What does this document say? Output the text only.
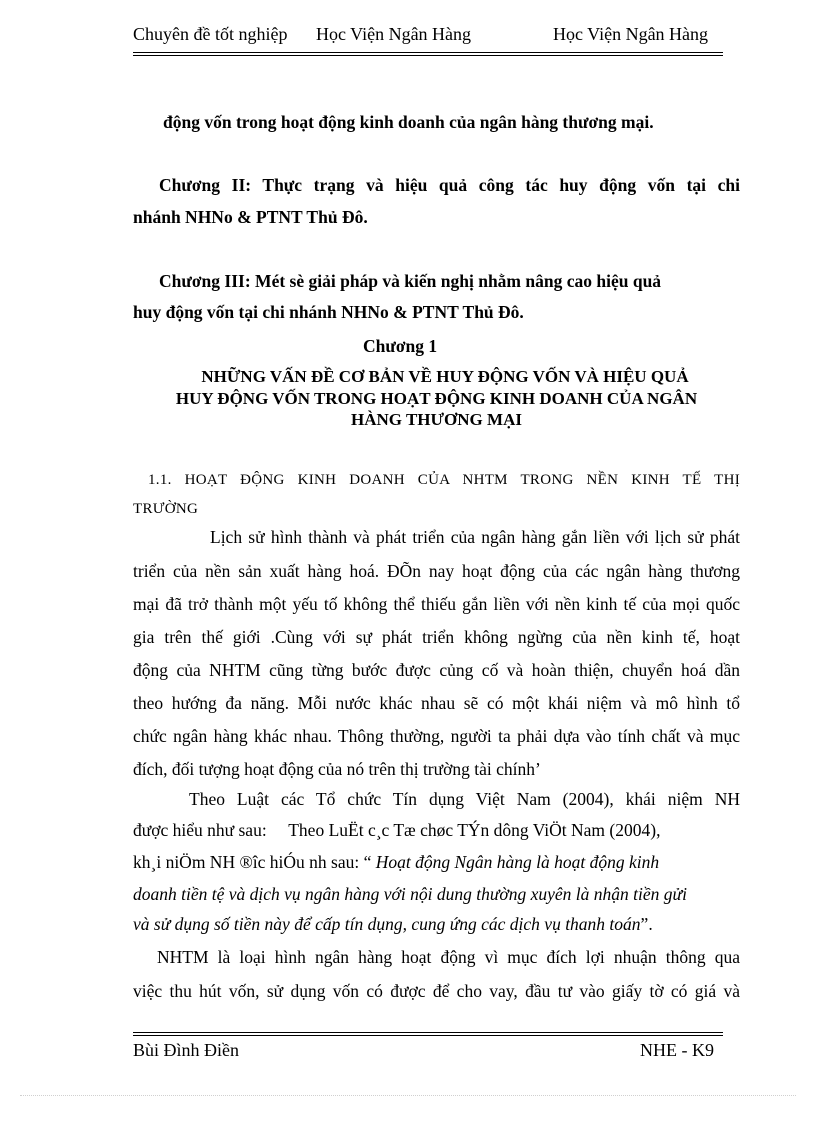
Chuyên đề tốt nghiệp Học Viện Ngân Hàng	Học Viện Ngân Hàng
động vốn trong hoạt động kinh doanh của ngân hàng thương mại.
Chương II: Thực trạng và hiệu quả công tác huy động vốn tại chi
nhánh NHNo & PTNT Thủ Đô.
Chương III: Mét sè giải pháp và kiến nghị nhằm nâng cao hiệu quả
huy động vốn tại chi nhánh NHNo & PTNT Thủ Đô.
Chương 1
NHỮNG VẤN ĐỀ CƠ BẢN VỀ HUY ĐỘNG VỐN VÀ HIỆU QUẢ
HUY ĐỘNG VỐN TRONG HOẠT ĐỘNG KINH DOANH CỦA NGÂN
HÀNG THƯƠNG MẠI
1.1. HOẠT ĐỘNG KINH DOANH CỦA NHTM TRONG NỀN KINH TẾ THỊ
TRƯỜNG
Lịch sử hình thành và phát triển của ngân hàng gắn liền với lịch sử phát
triển của nền sản xuất hàng hoá. ĐÕn nay hoạt động của các ngân hàng thương
mại đã trở thành một yếu tố không thể thiếu gắn liền với nền kinh tế của mọi quốc
gia trên thế giới .Cùng với sự phát triển không ngừng của nền kinh tế, hoạt
động của NHTM cũng từng bước được củng cố và hoàn thiện, chuyển hoá dần
theo hướng đa năng. Mỗi nước khác nhau sẽ có một khái niệm và mô hình tổ
chức ngân hàng khác nhau. Thông thường, người ta phải dựa vào tính chất và mục
đích, đối tượng hoạt động của nó trên thị trường tài chính’
Theo Luật các Tổ chức Tín dụng Việt Nam (2004), khái niệm NH
được hiểu như sau:     Theo LuËt c¸c Tæ chøc TÝn dông ViÖt Nam (2004),
kh¸i niÖm NH ®îc hiÓu nh sau: “ Hoạt động Ngân hàng là hoạt động kinh
doanh tiền tệ và dịch vụ ngân hàng với nội dung thường xuyên là nhận tiền gửi
và sử dụng số tiền này để cấp tín dụng, cung ứng các dịch vụ thanh toán”.
NHTM là loại hình ngân hàng hoạt động vì mục đích lợi nhuận thông qua
việc thu hút vốn, sử dụng vốn có được để cho vay, đầu tư vào giấy tờ có giá và
Bùi Đình Điền	NHE - K9
